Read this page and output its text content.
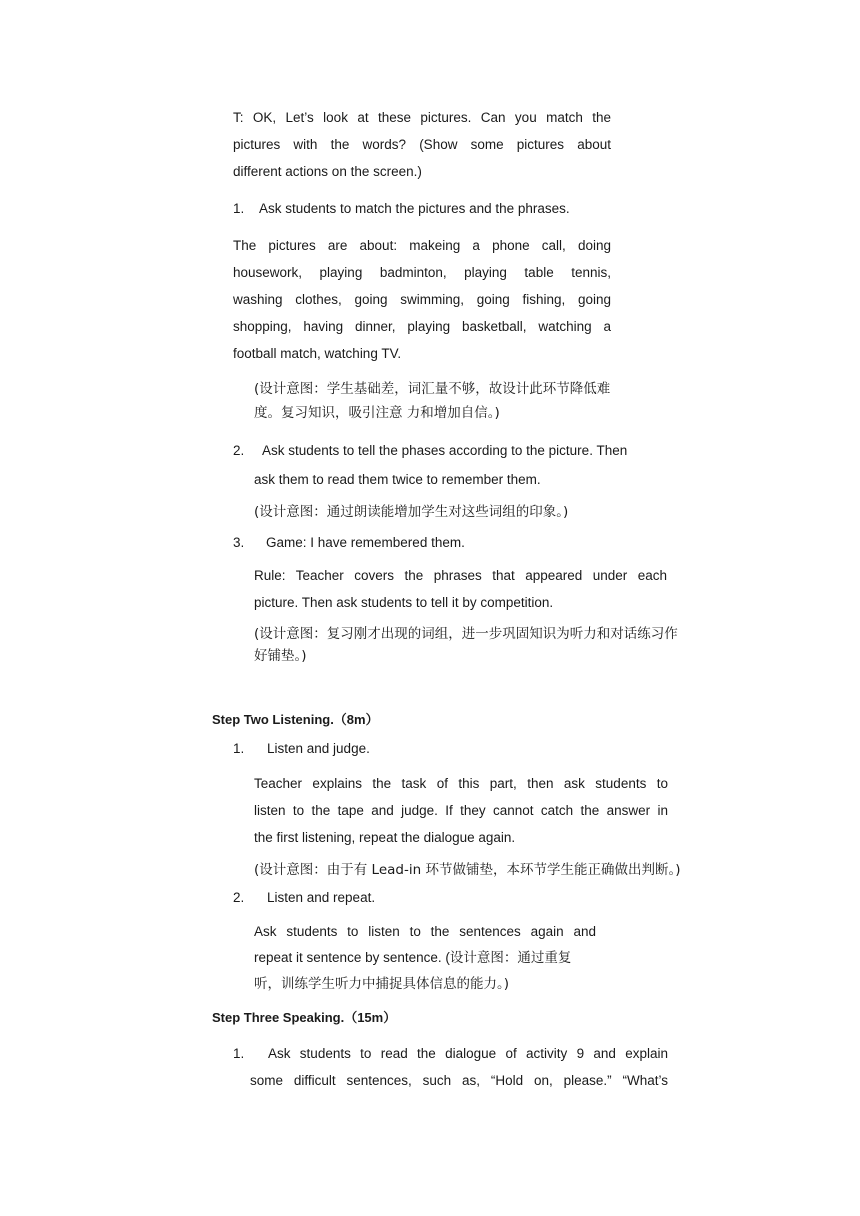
T: OK, Let’s look at these pictures. Can you match the

pictures with the words? (Show some pictures about

different actions on the screen.)

1. Ask students to match the pictures and the phrases.

The pictures are about: makeing a phone call, doing

housework, playing badminton, playing table tennis,

washing clothes, going swimming, going fishing, going

shopping, having dinner, playing basketball, watching a

football match, watching TV.

(设计意图：学生基础差，词汇量不够，故设计此环节降低难

度。复习知识，吸引注意 力和增加自信。)

2. Ask students to tell the phases according to the picture. Then

ask them to read them twice to remember them.

(设计意图：通过朗读能增加学生对这些词组的印象。)

3. Game: I have remembered them.

Rule: Teacher covers the phrases that appeared under each

picture. Then ask students to tell it by competition.

(设计意图：复习刚才出现的词组，进一步巩固知识为听力和对话练习作

好铺垫。)

Step Two Listening.（8m）

1. Listen and judge.

Teacher explains the task of this part, then ask students to

listen to the tape and judge. If they cannot catch the answer in

the first listening, repeat the dialogue again.

(设计意图：由于有 Lead-in 环节做铺垫，本环节学生能正确做出判断。)

2. Listen and repeat.

Ask students to listen to the sentences again and

repeat it sentence by sentence. (设计意图：通过重复

听，训练学生听力中捕捉具体信息的能力。)

Step Three Speaking.（15m）

1. Ask students to read the dialogue of activity 9 and explain

some difficult sentences, such as, “Hold on, please.” “What’s
